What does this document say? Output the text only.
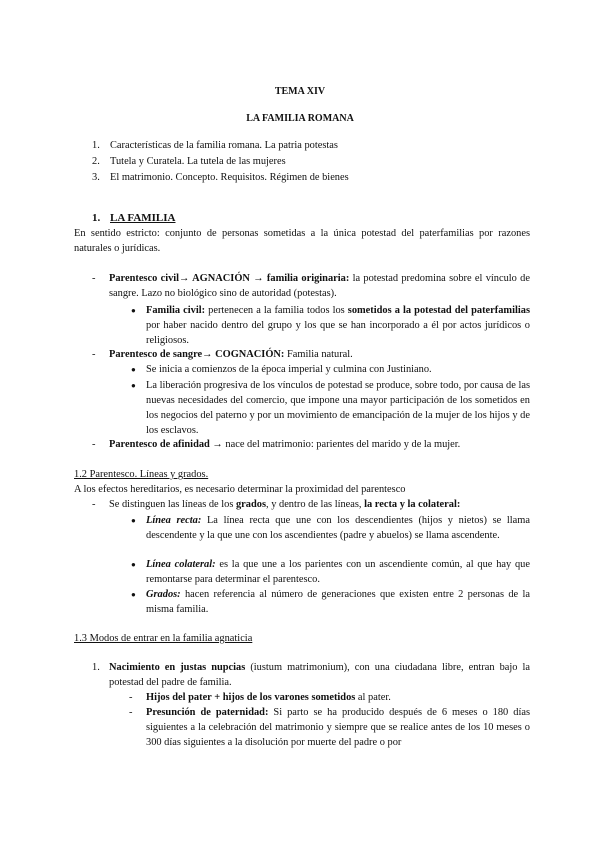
TEMA XIV
LA FAMILIA ROMANA
1. Características de la familia romana. La patria potestas
2. Tutela y Curatela. La tutela de las mujeres
3. El matrimonio. Concepto. Requisitos. Régimen de bienes
1. LA FAMILIA
En sentido estricto: conjunto de personas sometidas a la única potestad del paterfamilias por razones naturales o jurídicas.
-	Parentesco civil→ AGNACIÓN → familia originaria: la potestad predomina sobre el vínculo de sangre. Lazo no biológico sino de autoridad (potestas).
● Familia civil: pertenecen a la familia todos los sometidos a la potestad del paterfamilias por haber nacido dentro del grupo y los que se han incorporado a él por actos jurídicos o religiosos.
-	Parentesco de sangre→ COGNACIÓN: Familia natural.
● Se inicia a comienzos de la época imperial y culmina con Justiniano.
● La liberación progresiva de los vínculos de potestad se produce, sobre todo, por causa de las nuevas necesidades del comercio, que impone una mayor participación de los sometidos en los negocios del paterno y por un movimiento de emancipación de la mujer de los hijos y de los esclavos.
-	Parentesco de afinidad → nace del matrimonio: parientes del marido y de la mujer.
1.2 Parentesco. Líneas y grados.
A los efectos hereditarios, es necesario determinar la proximidad del parentesco
-	Se distinguen las líneas de los grados, y dentro de las líneas, la recta y la colateral:
● Línea recta: La línea recta que une con los descendientes (hijos y nietos) se llama descendente y la que une con los ascendientes (padre y abuelos) se llama ascendente.
● Línea colateral: es la que une a los parientes con un ascendiente común, al que hay que remontarse para determinar el parentesco.
● Grados: hacen referencia al número de generaciones que existen entre 2 personas de la misma familia.
1.3 Modos de entrar en la familia agnaticia
1. Nacimiento en justas nupcias (iustum matrimonium), con una ciudadana libre, entran bajo la potestad del padre de familia.
-	Hijos del pater + hijos de los varones sometidos al pater.
-	Presunción de paternidad: Si parto se ha producido después de 6 meses o 180 días siguientes a la celebración del matrimonio y siempre que se realice antes de los 10 meses o 300 días siguientes a la disolución por muerte del padre o por
